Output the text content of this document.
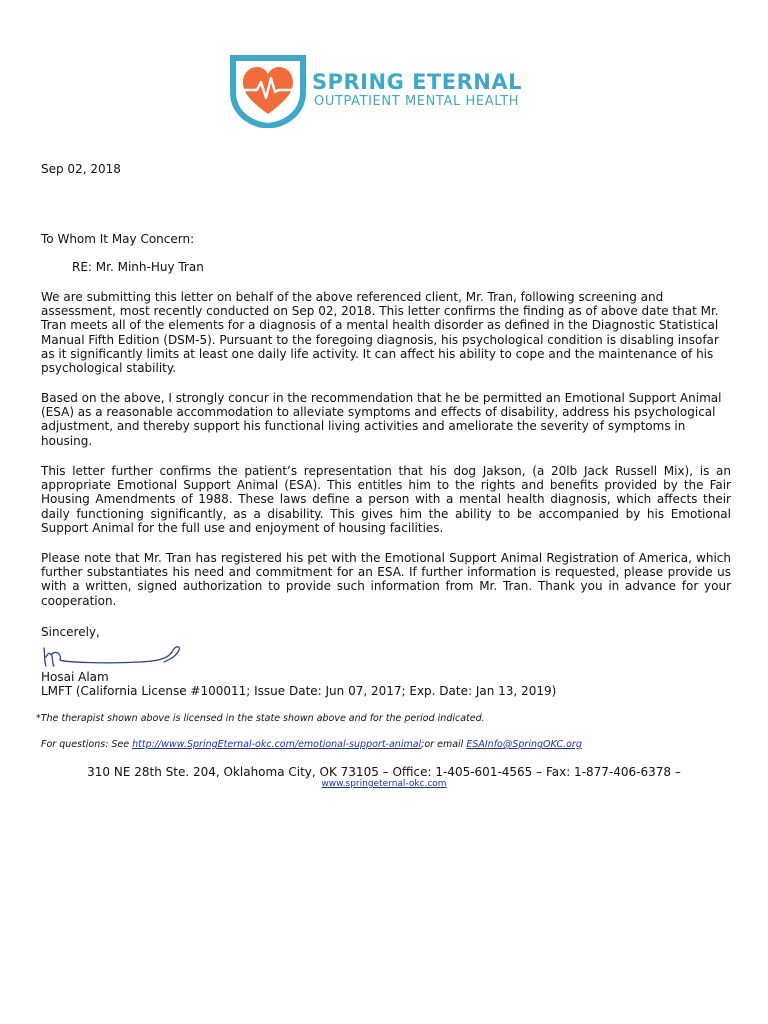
SPRING ETERNAL
OUTPATIENT MENTAL HEALTH
Sep 02, 2018
To Whom It May Concern:
RE: Mr. Minh-Huy Tran
We are submitting this letter on behalf of the above referenced client, Mr. Tran, following screening and assessment, most recently conducted on Sep 02, 2018. This letter confirms the finding as of above date that Mr. Tran meets all of the elements for a diagnosis of a mental health disorder as defined in the Diagnostic Statistical Manual Fifth Edition (DSM-5). Pursuant to the foregoing diagnosis, his psychological condition is disabling insofar as it significantly limits at least one daily life activity. It can affect his ability to cope and the maintenance of his psychological stability.
Based on the above, I strongly concur in the recommendation that he be permitted an Emotional Support Animal (ESA) as a reasonable accommodation to alleviate symptoms and effects of disability, address his psychological adjustment, and thereby support his functional living activities and ameliorate the severity of symptoms in housing.
This letter further confirms the patient’s representation that his dog Jakson, (a 20lb Jack Russell Mix), is an appropriate Emotional Support Animal (ESA). This entitles him to the rights and benefits provided by the Fair Housing Amendments of 1988. These laws define a person with a mental health diagnosis, which affects their daily functioning significantly, as a disability. This gives him the ability to be accompanied by his Emotional Support Animal for the full use and enjoyment of housing facilities.
Please note that Mr. Tran has registered his pet with the Emotional Support Animal Registration of America, which further substantiates his need and commitment for an ESA. If further information is requested, please provide us with a written, signed authorization to provide such information from Mr. Tran. Thank you in advance for your cooperation.
Sincerely,
Hosai Alam
LMFT (California License #100011; Issue Date: Jun 07, 2017; Exp. Date: Jan 13, 2019)
*The therapist shown above is licensed in the state shown above and for the period indicated.
For questions: See http://www.SpringEternal-okc.com/emotional-support-animal;or email ESAInfo@SpringOKC.org
310 NE 28th Ste. 204, Oklahoma City, OK 73105 – Office: 1-405-601-4565 – Fax: 1-877-406-6378 –
www.springeternal-okc.com
